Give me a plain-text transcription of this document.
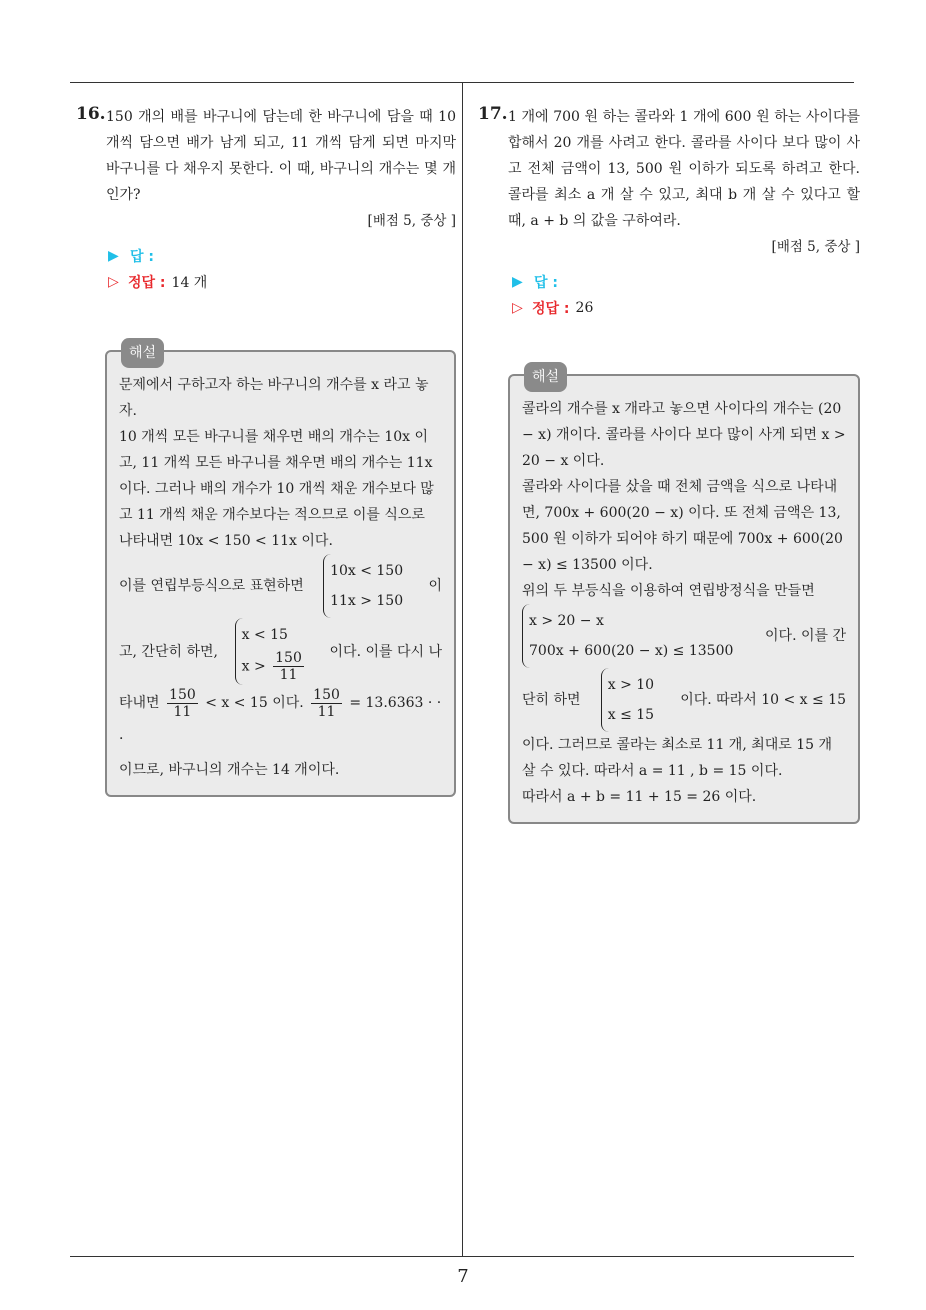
7
16. 150 개의 배를 바구니에 담는데 한 바구니에 담을 때 10 개씩 담으면 배가 남게 되고, 11 개씩 담게 되면 마지막 바구니를 다 채우지 못한다. 이 때, 바구니의 개수는 몇 개인가?
[배점 5, 중상 ]
▶ 답 :
▷ 정답 : 14 개
해설
문제에서 구하고자 하는 바구니의 개수를 x 라고 놓자.
10 개씩 모든 바구니를 채우면 배의 개수는 10x 이고, 11 개씩 모든 바구니를 채우면 배의 개수는 11x 이다. 그러나 배의 개수가 10 개씩 채운 개수보다 많고 11 개씩 채운 개수보다는 적으므로 이를 식으로 나타내면 10x < 150 < 11x 이다.
이를 연립부등식으로 표현하면
10x < 150
11x > 150
이
고, 간단히 하면,
x < 15
$x > \frac{150}{11}$ 이다. 이를 다시 나
타내면 $\frac{150}{11} < x < 15$ 이다. $\frac{150}{11} = 13.6363$ · · ·
이므로, 바구니의 개수는 14 개이다.
17. 1 개에 700 원 하는 콜라와 1 개에 600 원 하는 사이다를 합해서 20 개를 사려고 한다. 콜라를 사이다 보다 많이 사고 전체 금액이 13, 500 원 이하가 되도록 하려고 한다. 콜라를 최소 a 개 살 수 있고, 최대 b 개 살 수 있다고 할 때, a + b 의 값을 구하여라.
[배점 5, 중상 ]
▶ 답 :
▷ 정답 : 26
해설
콜라의 개수를 x 개라고 놓으면 사이다의 개수는 (20 − x) 개이다. 콜라를 사이다 보다 많이 사게 되면 x > 20 − x 이다.
콜라와 사이다를 샀을 때 전체 금액을 식으로 나타내면, 700x + 600(20 − x) 이다. 또 전체 금액은 13, 500 원 이하가 되어야 하기 때문에 700x + 600(20 − x) ≤ 13500 이다.
위의 두 부등식을 이용하여 연립방정식을 만들면
x > 20 − x
700x + 600(20 − x) ≤ 13500
이다. 이를 간
단히 하면
x > 10
x ≤ 15
이다. 따라서 10 < x ≤ 15
이다. 그러므로 콜라는 최소로 11 개, 최대로 15 개 살 수 있다. 따라서 a = 11 , b = 15 이다.
따라서 a + b = 11 + 15 = 26 이다.
